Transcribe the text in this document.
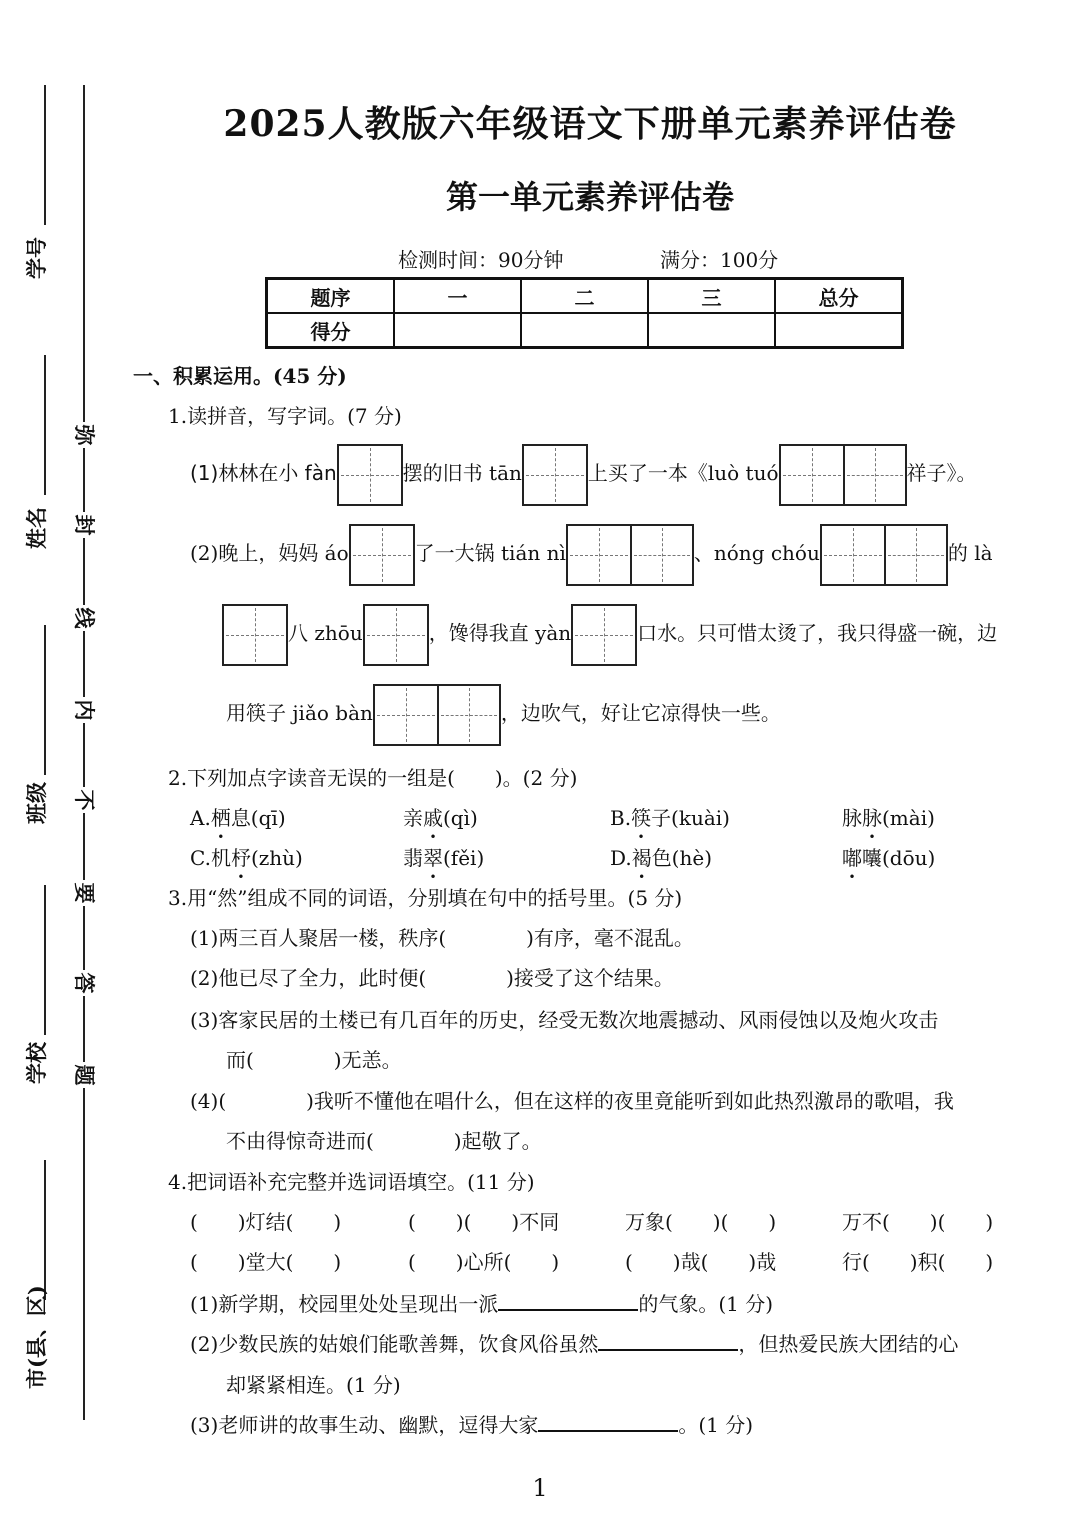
学号
姓名
班级
学校
市(县、区)
弥
封
线
内
不
要
答
题
2025人教版六年级语文下册单元素养评估卷
第一单元素养评估卷
检测时间：90分钟	满分：100分
题序	一	二	三	总分
得分				
一、积累运用。(45 分)
1.读拼音，写字词。(7 分)
(1)林林在小 fàn	摆的旧书 tān	上买了一本《luò tuó	祥子》。
(2)晚上，妈妈 áo	了一大锅 tián nì	、nóng chóu	的 là
八 zhōu	，馋得我直 yàn	口水。只可惜太烫了，我只得盛一碗，边
用筷子 jiǎo bàn	，边吹气，好让它凉得快一些。
2.下列加点字读音无误的一组是(　　)。(2 分)
A.栖息(qī)	亲戚(qì)	B.筷子(kuài)	脉脉(mài)
C.机杼(zhù)	翡翠(fěi)	D.褐色(hè)	嘟囔(dōu)
3.用“然”组成不同的词语，分别填在句中的括号里。(5 分)
(1)两三百人聚居一楼，秩序(　　　　)有序，毫不混乱。
(2)他已尽了全力，此时便(　　　　)接受了这个结果。
(3)客家民居的土楼已有几百年的历史，经受无数次地震撼动、风雨侵蚀以及炮火攻击
而(　　　　)无恙。
(4)(　　　　)我听不懂他在唱什么，但在这样的夜里竟能听到如此热烈激昂的歌唱，我
不由得惊奇进而(　　　　)起敬了。
4.把词语补充完整并选词语填空。(11 分)
(　　)灯结(　　)	(　　)(　　)不同	万象(　　)(　　)	万不(　　)(　　)
(　　)堂大(　　)	(　　)心所(　　)	(　　)哉(　　)哉	行(　　)积(　　)
(1)新学期，校园里处处呈现出一派	的气象。(1 分)
(2)少数民族的姑娘们能歌善舞，饮食风俗虽然	，但热爱民族大团结的心
却紧紧相连。(1 分)
(3)老师讲的故事生动、幽默，逗得大家	。(1 分)
1
